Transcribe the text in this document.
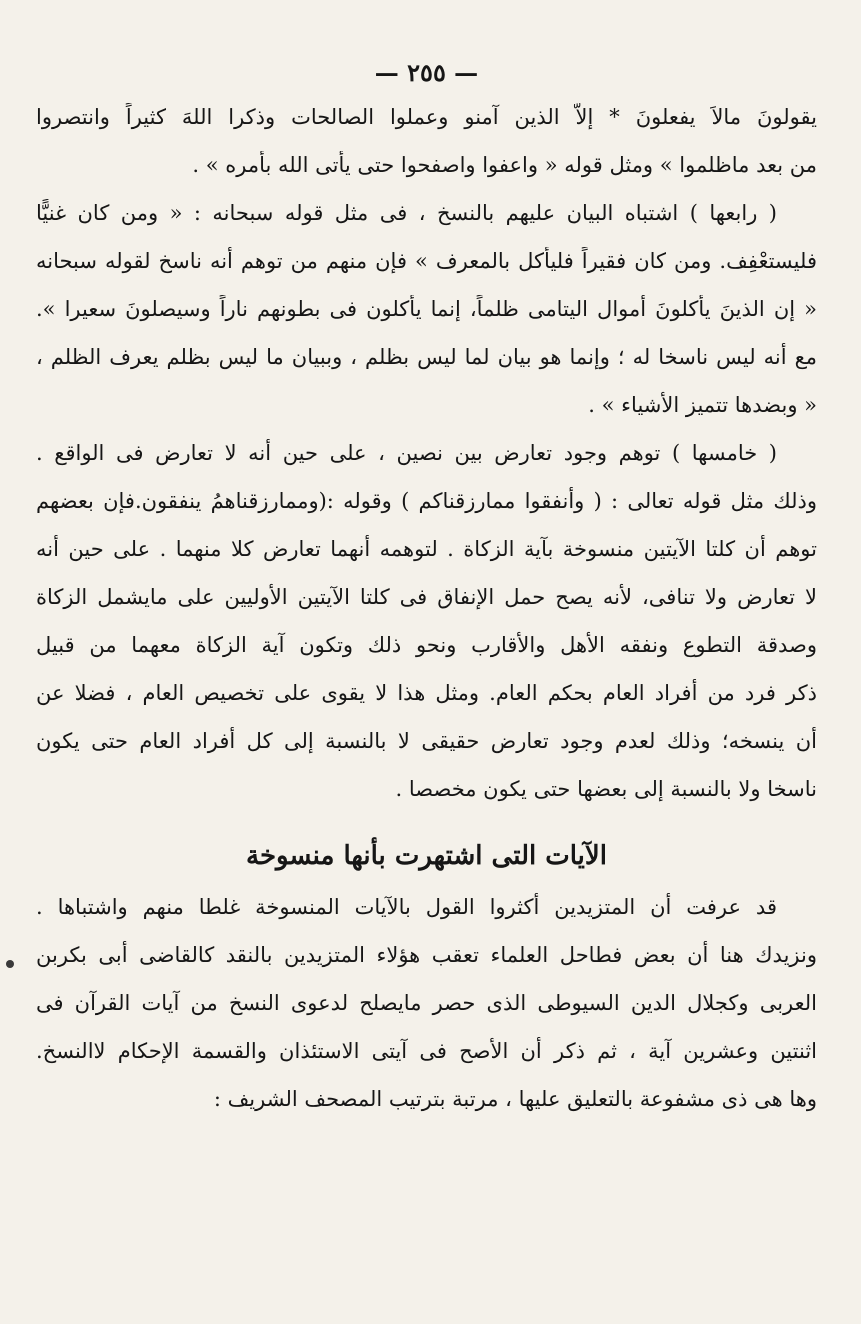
— ٢٥٥ —
يقولونَ مالاَ يفعلونَ * إلاّ الذين آمنو وعملوا الصالحات وذكرا اللهَ كثيراً وانتصروا
من بعد ماظلموا » ومثل قوله « واعفوا واصفحوا حتى يأتى الله بأمره » .
( رابعها ) اشتباه البيان عليهم بالنسخ ، فى مثل قوله سبحانه : « ومن كان غنيًّا
فليستعْفِف. ومن كان فقيراً فليأكل بالمعرف » فإن منهم من توهم أنه ناسخ لقوله سبحانه
« إن الذينَ يأكلونَ أموال اليتامى ظلماً، إنما يأكلون فى بطونهم ناراً وسيصلونَ سعيرا ».
مع أنه ليس ناسخا له ؛ وإنما هو بيان لما ليس بظلم ، وببيان ما ليس بظلم يعرف الظلم ،
« وبضدها تتميز الأشياء » .
( خامسها ) توهم وجود تعارض بين نصين ، على حين أنه لا تعارض فى الواقع .
وذلك مثل قوله تعالى : ( وأنفقوا ممارزقناكم ) وقوله :(وممارزقناهمُ ينفقون.فإن بعضهم
توهم أن كلتا الآيتين منسوخة بآية الزكاة . لتوهمه أنهما تعارض كلا منهما . على حين أنه
لا تعارض ولا تنافى، لأنه يصح حمل الإنفاق فى كلتا الآيتين الأوليين على مايشمل الزكاة
وصدقة التطوع ونفقه الأهل والأقارب ونحو ذلك وتكون آية الزكاة معهما من قبيل
ذكر فرد من أفراد العام بحكم العام. ومثل هذا لا يقوى على تخصيص العام ، فضلا عن
أن ينسخه؛ وذلك لعدم وجود تعارض حقيقى لا بالنسبة إلى كل أفراد العام حتى يكون
ناسخا ولا بالنسبة إلى بعضها حتى يكون مخصصا .
الآيات التى اشتهرت بأنها منسوخة
قد عرفت أن المتزيدين أكثروا القول بالآيات المنسوخة غلطا منهم واشتباها .
ونزيدك هنا أن بعض فطاحل العلماء تعقب هؤلاء المتزيدين بالنقد كالقاضى أبى بكربن
العربى وكجلال الدين السيوطى الذى حصر مايصلح لدعوى النسخ من آيات القرآن فى
اثنتين وعشرين آية ، ثم ذكر أن الأصح فى آيتى الاستئذان والقسمة الإحكام لاالنسخ.
وها هى ذى مشفوعة بالتعليق عليها ، مرتبة بترتيب المصحف الشريف :
